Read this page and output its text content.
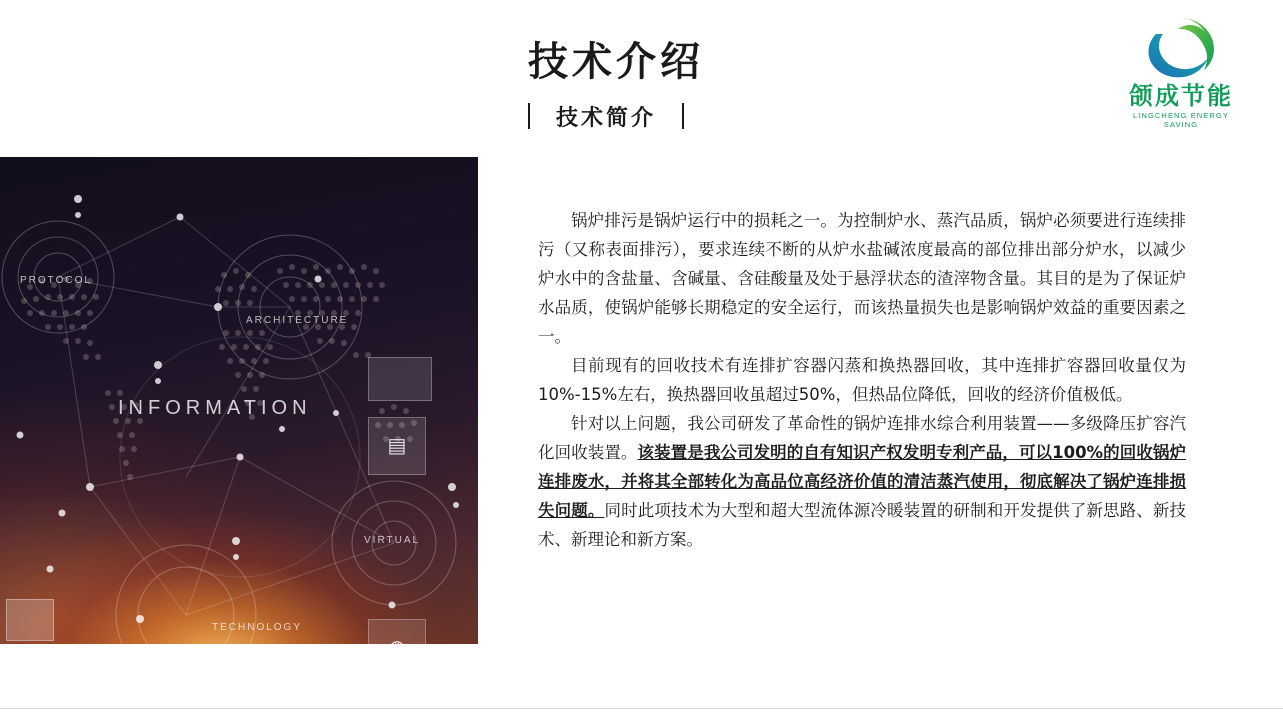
PROTOCOL
ARCHITECTURE
INFORMATION
VIRTUAL
TECHNOLOGY
▤
◍
技术介绍
技术简介
颌成节能
LINGCHENG ENERGY SAVING

锅炉排污是锅炉运行中的损耗之一。为控制炉水、蒸汽品质，锅炉必须要进行连续排污（又称表面排污），要求连续不断的从炉水盐碱浓度最高的部位排出部分炉水，以减少炉水中的含盐量、含碱量、含硅酸量及处于悬浮状态的渣滓物含量。其目的是为了保证炉水品质，使锅炉能够长期稳定的安全运行，而该热量损失也是影响锅炉效益的重要因素之一。

目前现有的回收技术有连排扩容器闪蒸和换热器回收，其中连排扩容器回收量仅为10%-15%左右，换热器回收虽超过50%，但热品位降低，回收的经济价值极低。

针对以上问题，我公司研发了革命性的锅炉连排水综合利用装置——多级降压扩容汽化回收装置。该装置是我公司发明的自有知识产权发明专利产品，可以100%的回收锅炉连排废水，并将其全部转化为高品位高经济价值的清洁蒸汽使用，彻底解决了锅炉连排损失问题。同时此项技术为大型和超大型流体源冷暖装置的研制和开发提供了新思路、新技术、新理论和新方案。
